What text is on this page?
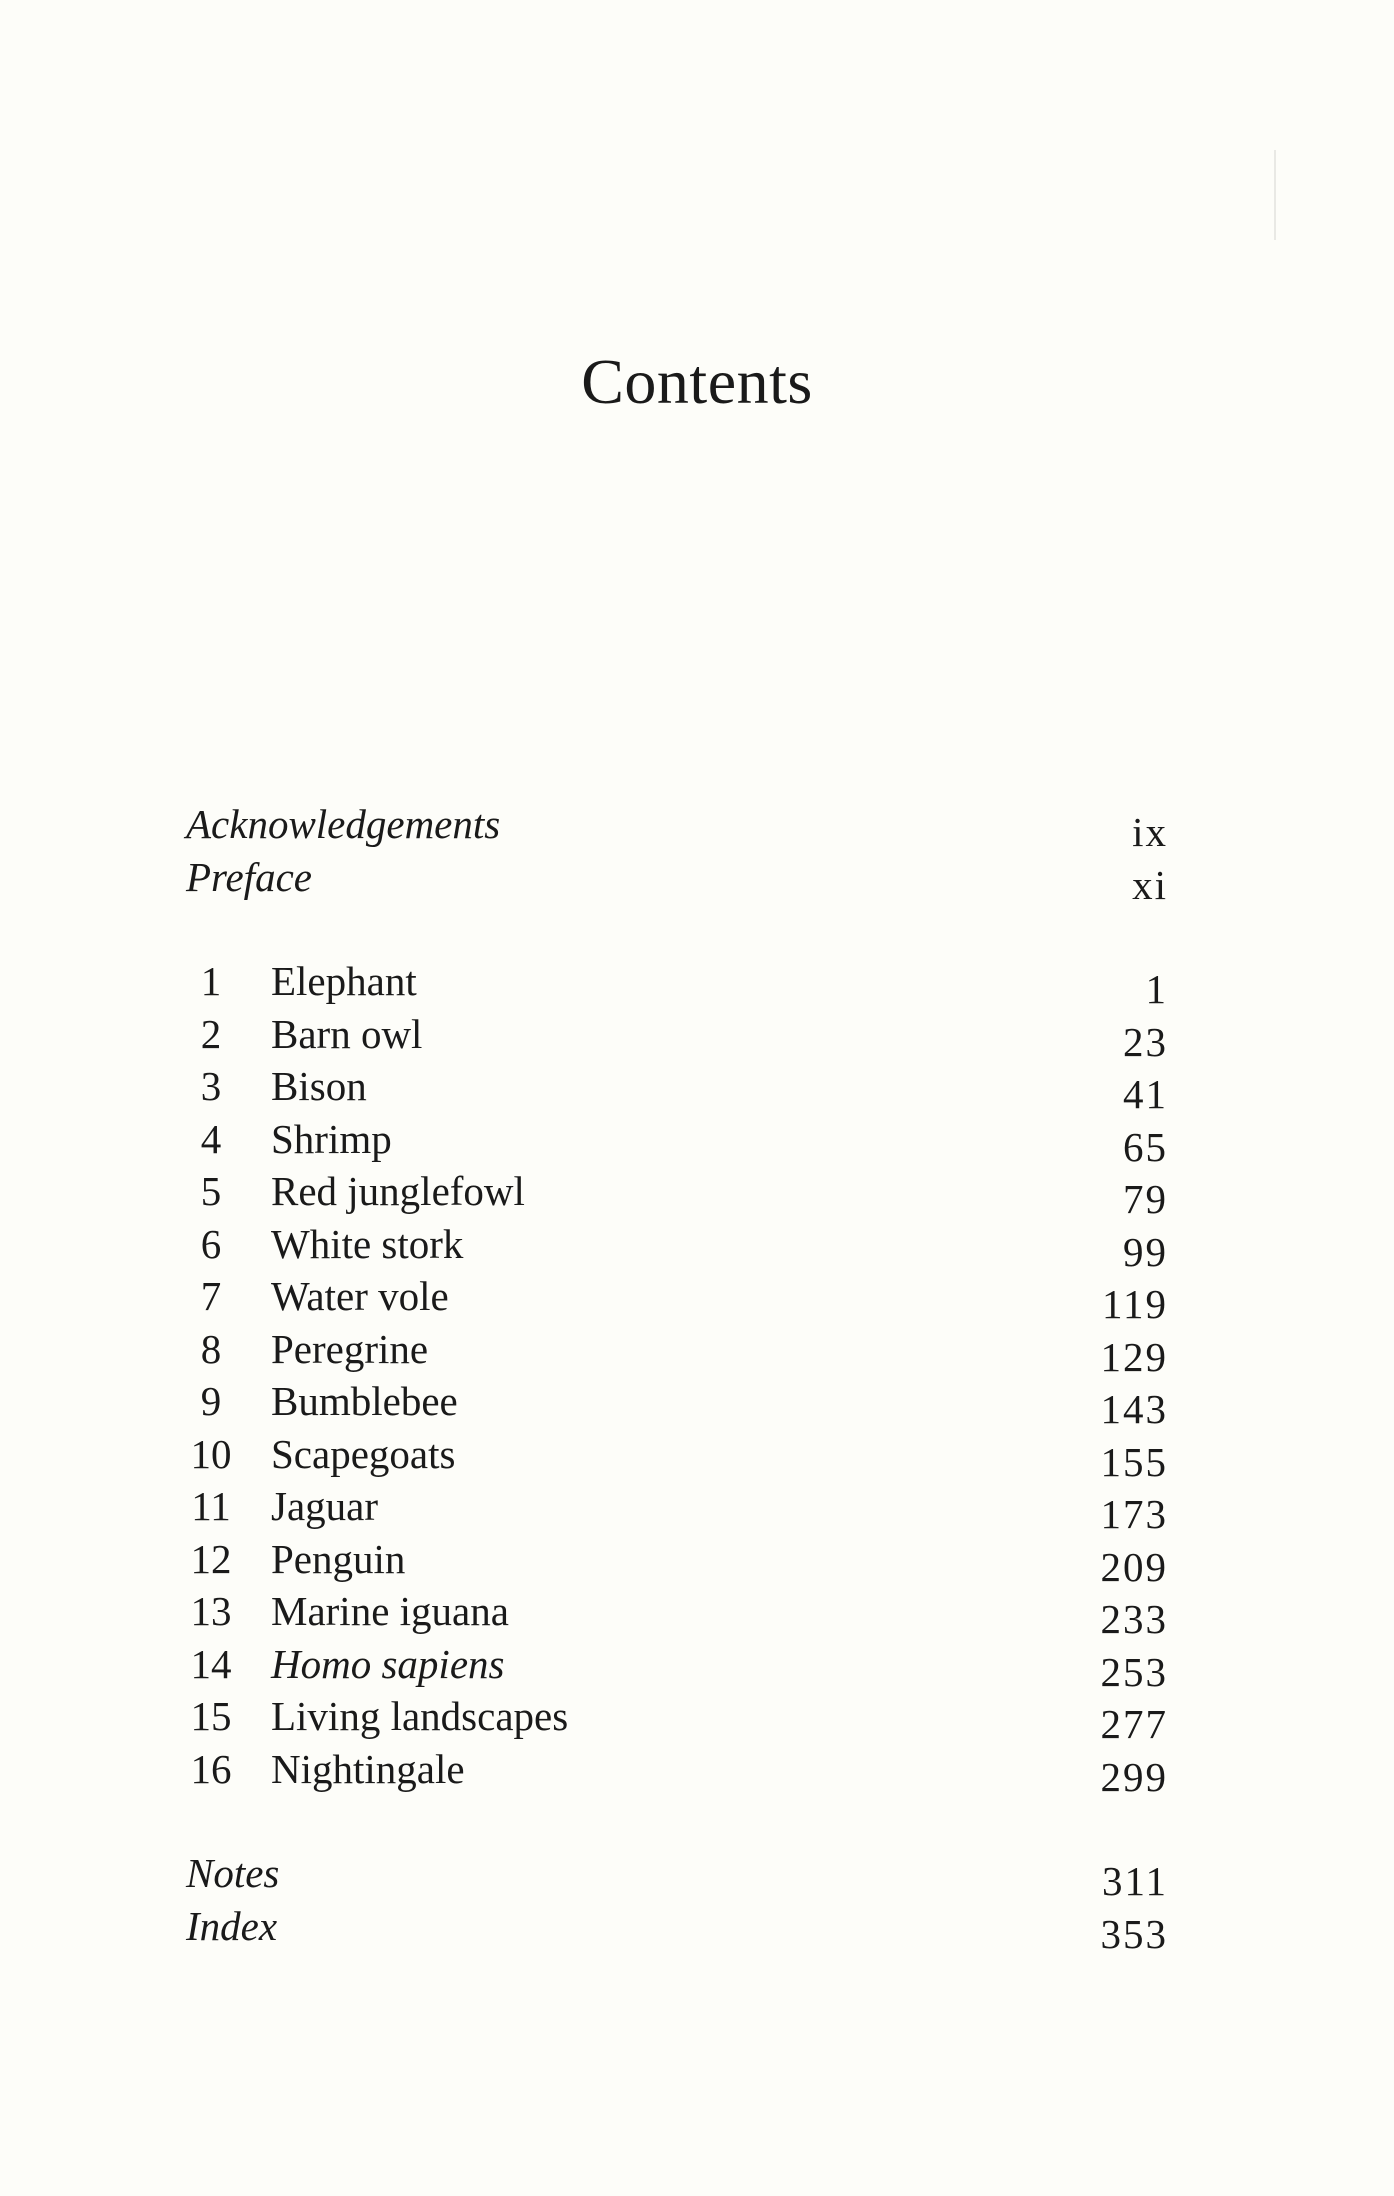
Contents
Acknowledgements	ix
Preface	xi
1	Elephant	1
2	Barn owl	23
3	Bison	41
4	Shrimp	65
5	Red junglefowl	79
6	White stork	99
7	Water vole	119
8	Peregrine	129
9	Bumblebee	143
10 Scapegoats	155
11 Jaguar	173
12 Penguin	209
13 Marine iguana	233
14 Homo sapiens	253
15 Living landscapes	277
16 Nightingale	299
Notes	311
Index	353
